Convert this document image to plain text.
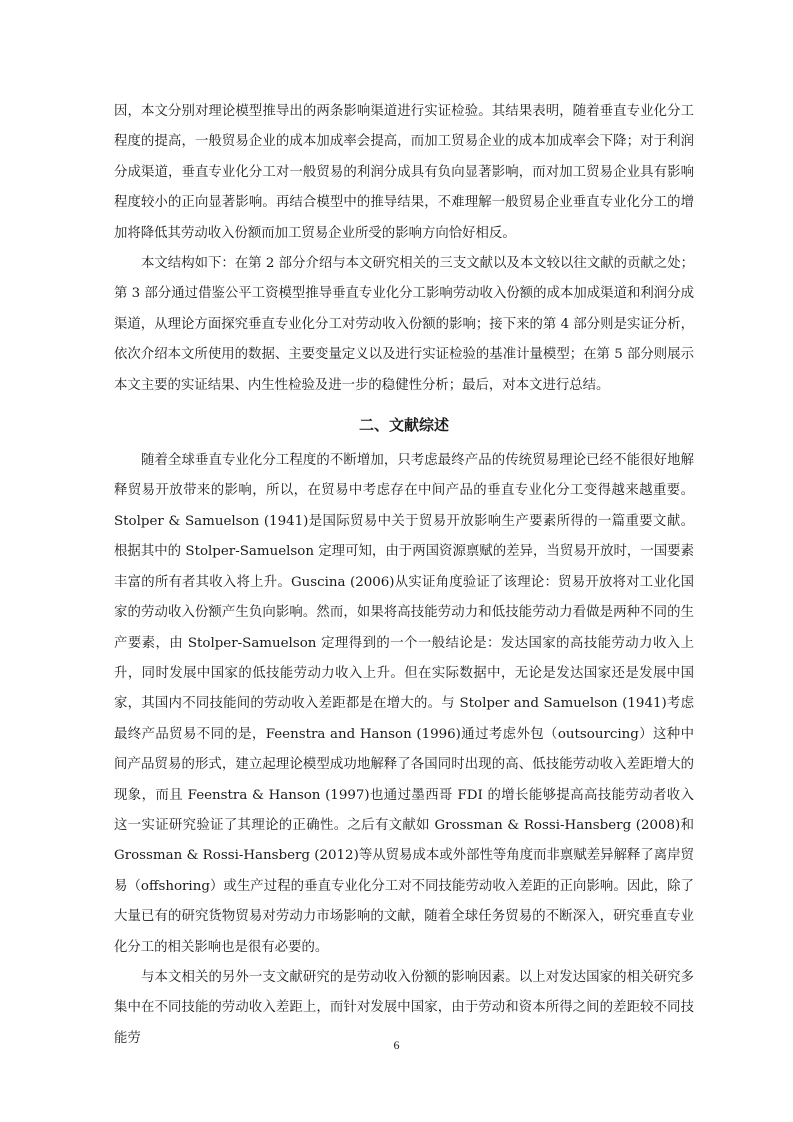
因，本文分别对理论模型推导出的两条影响渠道进行实证检验。其结果表明，随着垂直专业化分工程度的提高，一般贸易企业的成本加成率会提高，而加工贸易企业的成本加成率会下降；对于利润分成渠道，垂直专业化分工对一般贸易的利润分成具有负向显著影响，而对加工贸易企业具有影响程度较小的正向显著影响。再结合模型中的推导结果，不难理解一般贸易企业垂直专业化分工的增加将降低其劳动收入份额而加工贸易企业所受的影响方向恰好相反。

本文结构如下：在第 2 部分介绍与本文研究相关的三支文献以及本文较以往文献的贡献之处；第 3 部分通过借鉴公平工资模型推导垂直专业化分工影响劳动收入份额的成本加成渠道和利润分成渠道，从理论方面探究垂直专业化分工对劳动收入份额的影响；接下来的第 4 部分则是实证分析，依次介绍本文所使用的数据、主要变量定义以及进行实证检验的基准计量模型；在第 5 部分则展示本文主要的实证结果、内生性检验及进一步的稳健性分析；最后，对本文进行总结。

二、文献综述

随着全球垂直专业化分工程度的不断增加，只考虑最终产品的传统贸易理论已经不能很好地解释贸易开放带来的影响，所以，在贸易中考虑存在中间产品的垂直专业化分工变得越来越重要。Stolper & Samuelson (1941)是国际贸易中关于贸易开放影响生产要素所得的一篇重要文献。根据其中的 Stolper-Samuelson 定理可知，由于两国资源禀赋的差异，当贸易开放时，一国要素丰富的所有者其收入将上升。Guscina (2006)从实证角度验证了该理论：贸易开放将对工业化国家的劳动收入份额产生负向影响。然而，如果将高技能劳动力和低技能劳动力看做是两种不同的生产要素，由 Stolper-Samuelson 定理得到的一个一般结论是：发达国家的高技能劳动力收入上升，同时发展中国家的低技能劳动力收入上升。但在实际数据中，无论是发达国家还是发展中国家，其国内不同技能间的劳动收入差距都是在增大的。与 Stolper and Samuelson (1941)考虑最终产品贸易不同的是，Feenstra and Hanson (1996)通过考虑外包（outsourcing）这种中间产品贸易的形式，建立起理论模型成功地解释了各国同时出现的高、低技能劳动收入差距增大的现象，而且 Feenstra & Hanson (1997)也通过墨西哥 FDI 的增长能够提高高技能劳动者收入这一实证研究验证了其理论的正确性。之后有文献如 Grossman & Rossi-Hansberg (2008)和 Grossman & Rossi-Hansberg (2012)等从贸易成本或外部性等角度而非禀赋差异解释了离岸贸易（offshoring）或生产过程的垂直专业化分工对不同技能劳动收入差距的正向影响。因此，除了大量已有的研究货物贸易对劳动力市场影响的文献，随着全球任务贸易的不断深入，研究垂直专业化分工的相关影响也是很有必要的。

与本文相关的另外一支文献研究的是劳动收入份额的影响因素。以上对发达国家的相关研究多集中在不同技能的劳动收入差距上，而针对发展中国家，由于劳动和资本所得之间的差距较不同技能劳	6
